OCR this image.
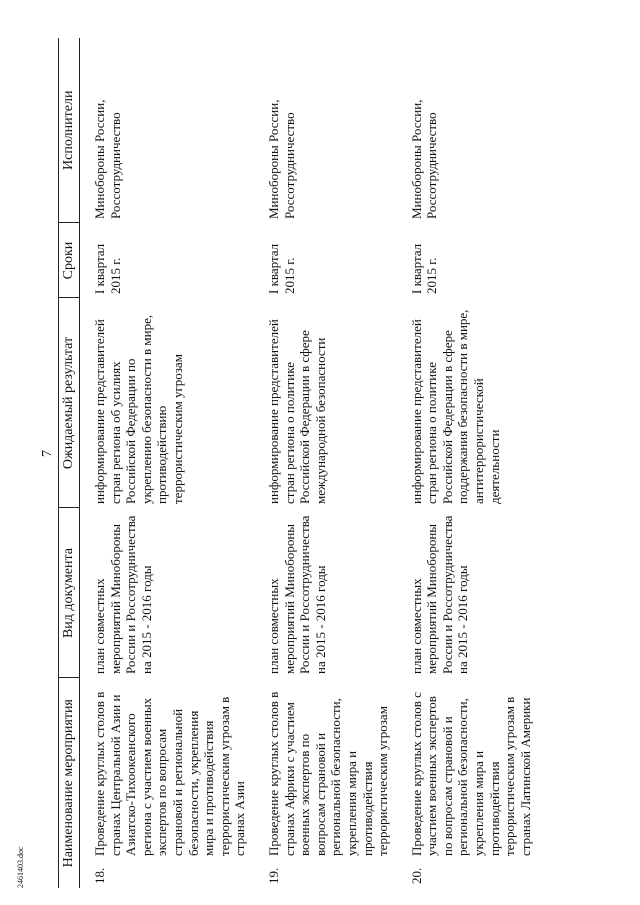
7
Наименование мероприятия	Вид документа	Ожидаемый результат	Сроки	Исполнители

18.
Проведение круглых столов в странах Центральной Азии и Азиатско-Тихоокеанского региона с участием военных экспертов по вопросам страновой и региональной безопасности, укрепления мира и противодействия террористическим угрозам в странах Азии	план совместных мероприятий Минобороны России и Россотрудничества на 2015 - 2016 годы	информирование представителей стран региона об усилиях Российской Федерации по укреплению безопасности в мире, противодействию террористическим угрозам	I квартал 2015 г.	Минобороны России, Россотрудничество

19.
Проведение круглых столов в странах Африки с участием военных экспертов по вопросам страновой и региональной безопасности, укрепления мира и противодействия террористическим угрозам	план совместных мероприятий Минобороны России и Россотрудничества на 2015 - 2016 годы	информирование представителей стран региона о политике Российской Федерации в сфере международной безопасности	I квартал 2015 г.	Минобороны России, Россотрудничество

20.
Проведение круглых столов с участием военных экспертов по вопросам страновой и региональной безопасности, укрепления мира и противодействия террористическим угрозам в странах Латинской Америки	план совместных мероприятий Минобороны России и Россотрудничества на 2015 - 2016 годы	информирование представителей стран региона о политике Российской Федерации в сфере поддержания безопасности в мире, антитеррористической деятельности	I квартал 2015 г.	Минобороны России, Россотрудничество
2461403.doc
